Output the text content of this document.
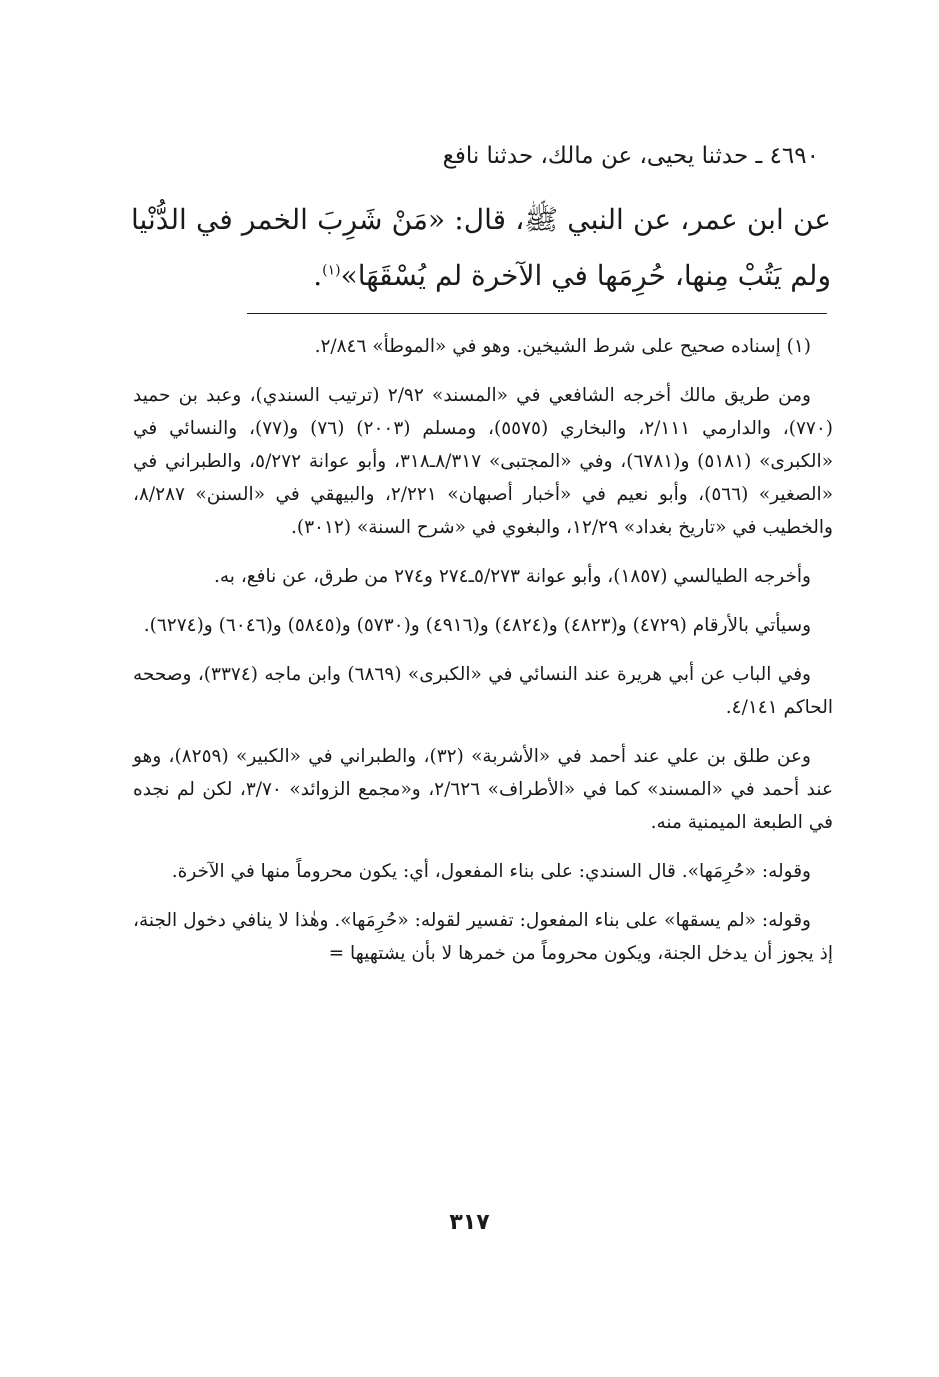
٤٦٩٠ ـ حدثنا يحيى، عن مالك، حدثنا نافع
عن ابن عمر، عن النبي ﷺ، قال: «مَنْ شَرِبَ الخمر في الدُّنْيا ولم يَتُبْ مِنها، حُرِمَها في الآخرة لم يُسْقَهَا»$^{(١)}$.

(١) إسناده صحيح على شرط الشيخين. وهو في «الموطأ» ٢/٨٤٦.

ومن طريق مالك أخرجه الشافعي في «المسند» ٢/٩٢ (ترتيب السندي)، وعبد بن حميد (٧٧٠)، والدارمي ٢/١١١، والبخاري (٥٥٧٥)، ومسلم (٢٠٠٣) (٧٦) و(٧٧)، والنسائي في «الكبرى» (٥١٨١) و(٦٧٨١)، وفي «المجتبى» ٨/٣١٧ـ٣١٨، وأبو عوانة ٥/٢٧٢، والطبراني في «الصغير» (٥٦٦)، وأبو نعيم في «أخبار أصبهان» ٢/٢٢١، والبيهقي في «السنن» ٨/٢٨٧، والخطيب في «تاريخ بغداد» ١٢/٢٩، والبغوي في «شرح السنة» (٣٠١٢).

وأخرجه الطيالسي (١٨٥٧)، وأبو عوانة ٥/٢٧٣ـ٢٧٤ و٢٧٤ من طرق، عن نافع، به.

وسيأتي بالأرقام (٤٧٢٩) و(٤٨٢٣) و(٤٨٢٤) و(٤٩١٦) و(٥٧٣٠) و(٥٨٤٥) و(٦٠٤٦) و(٦٢٧٤).

وفي الباب عن أبي هريرة عند النسائي في «الكبرى» (٦٨٦٩) وابن ماجه (٣٣٧٤)، وصححه الحاكم ٤/١٤١.

وعن طلق بن علي عند أحمد في «الأشربة» (٣٢)، والطبراني في «الكبير» (٨٢٥٩)، وهو عند أحمد في «المسند» كما في «الأطراف» ٢/٦٢٦، و«مجمع الزوائد» ٣/٧٠، لكن لم نجده في الطبعة الميمنية منه.

وقوله: «حُرِمَها». قال السندي: على بناء المفعول، أي: يكون محروماً منها في الآخرة.

وقوله: «لم يسقها» على بناء المفعول: تفسير لقوله: «حُرِمَها». وهٰذا لا ينافي دخول الجنة، إذ يجوز أن يدخل الجنة، ويكون محروماً من خمرها لا بأن يشتهيها =

٣١٧
